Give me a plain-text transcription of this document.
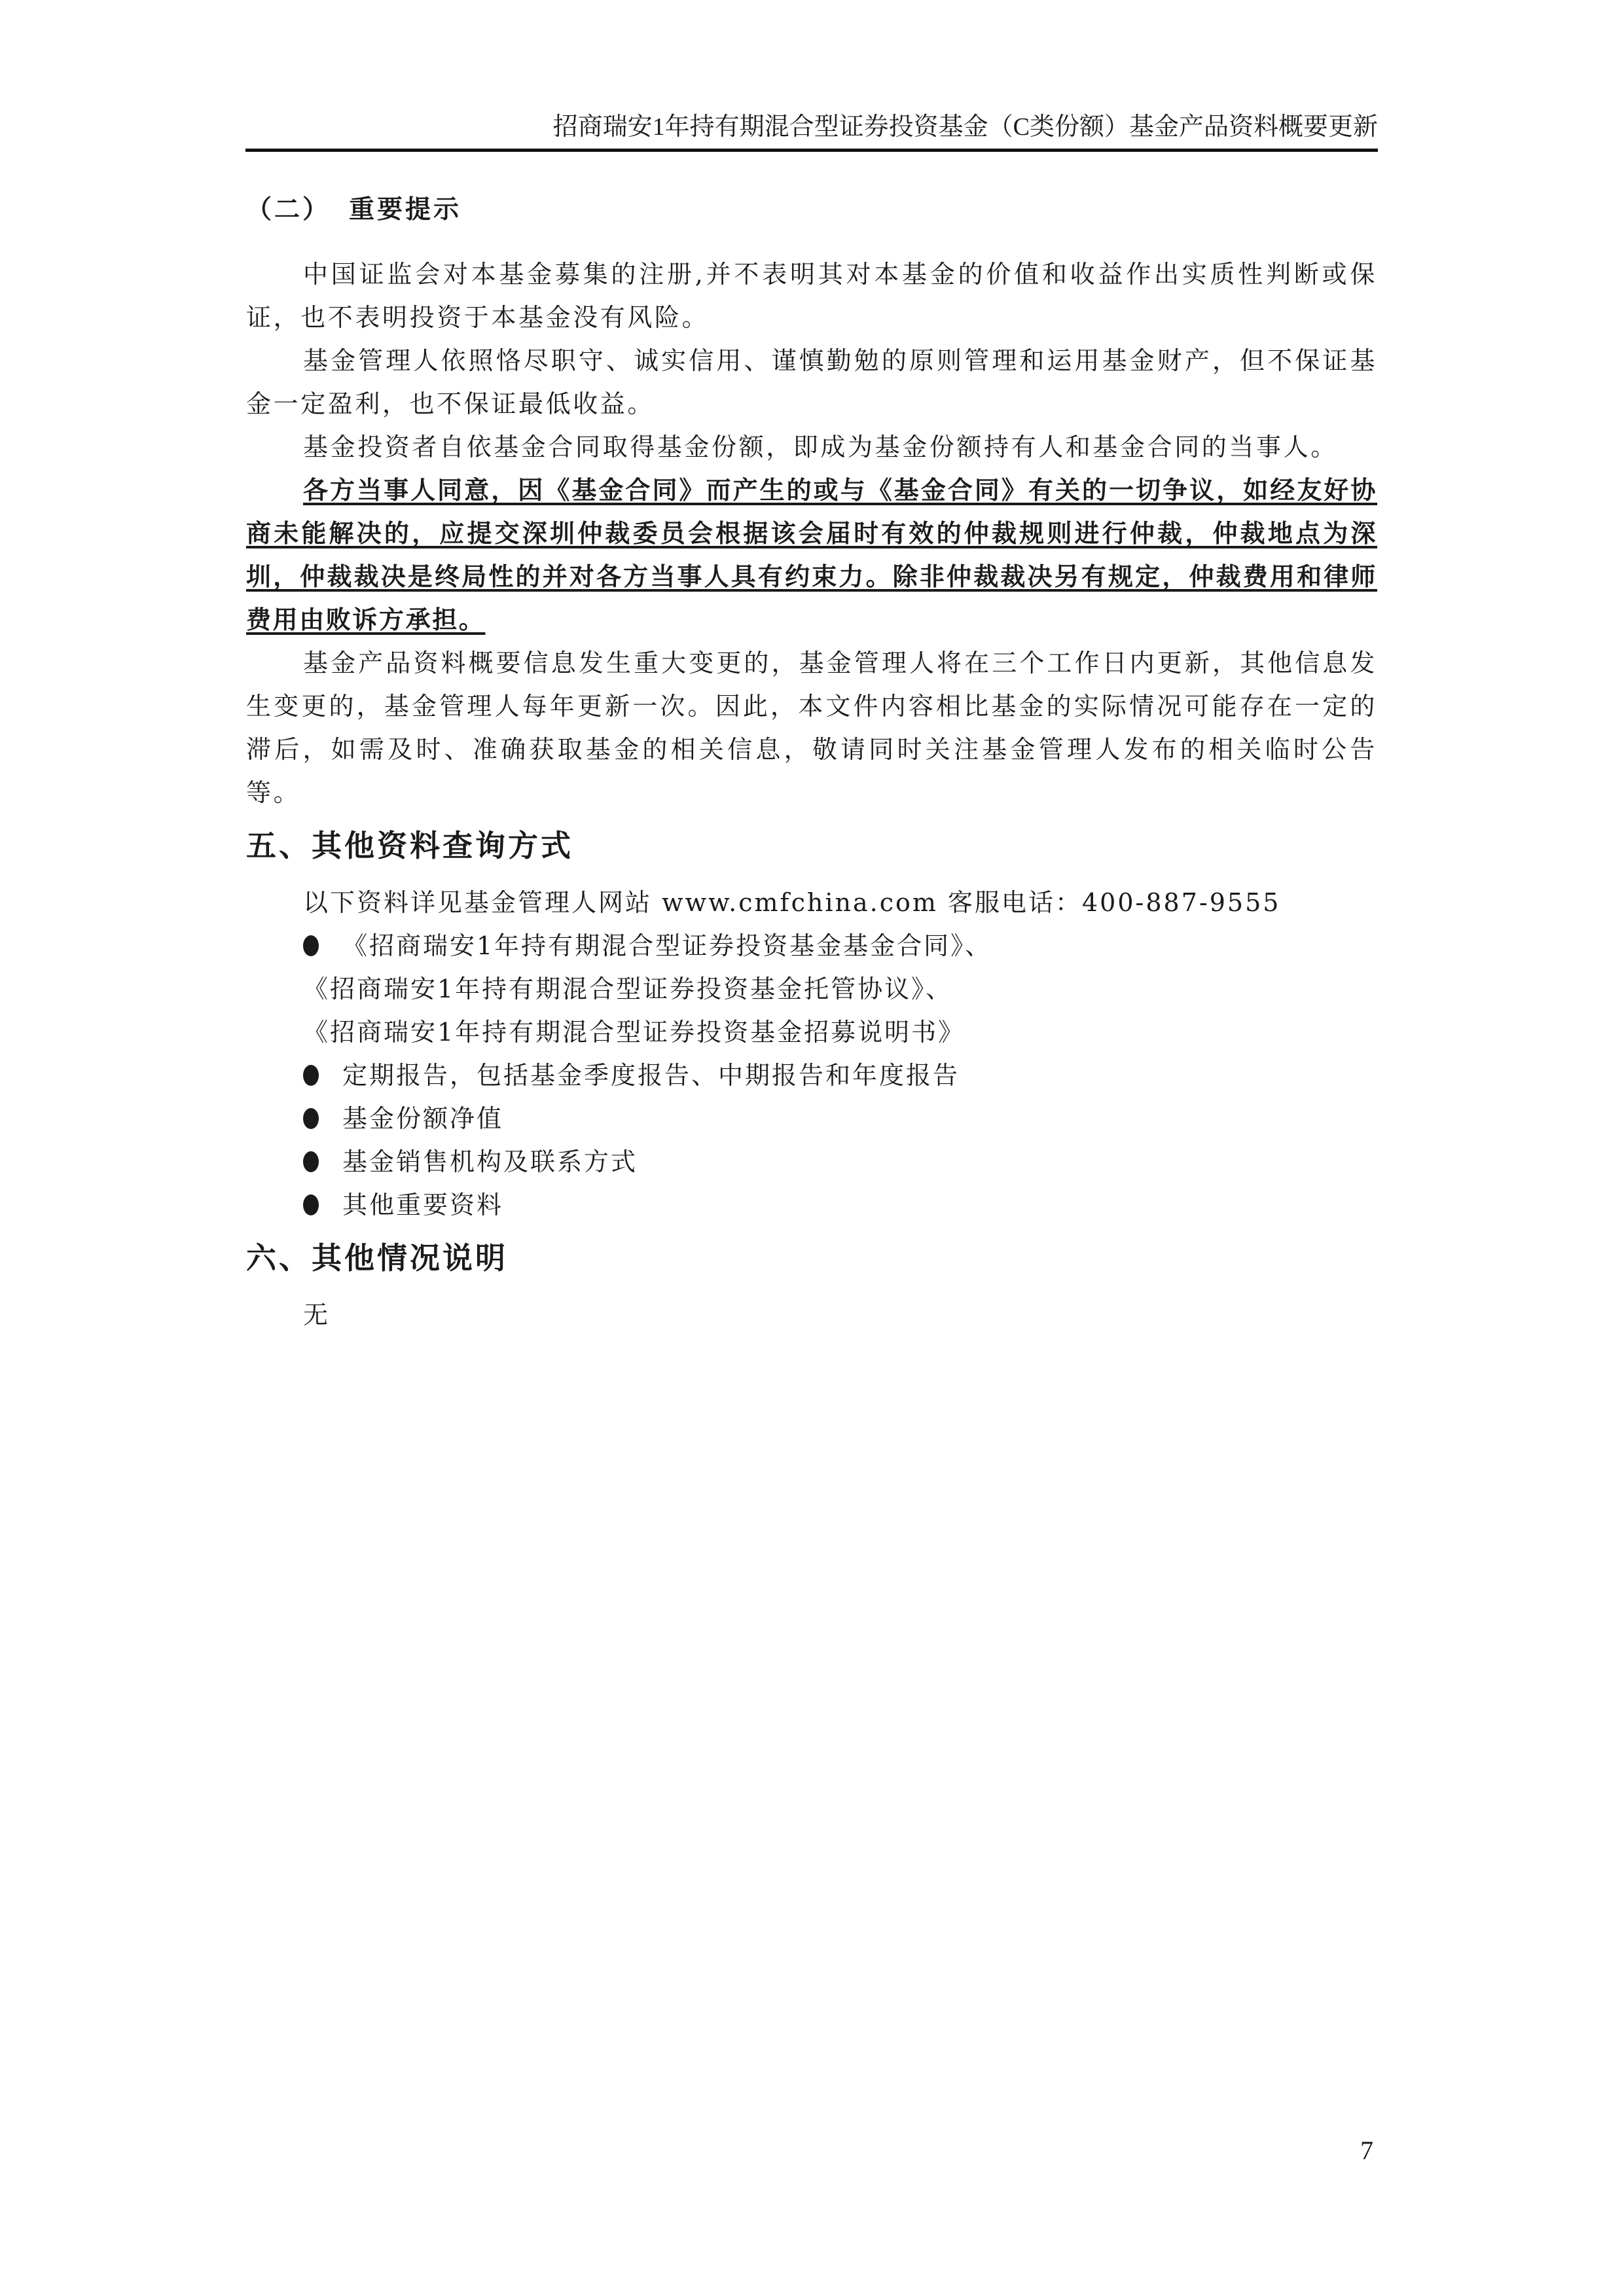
招商瑞安1年持有期混合型证券投资基金（C类份额）基金产品资料概要更新
（二） 重要提示

中国证监会对本基金募集的注册,并不表明其对本基金的价值和收益作出实质性判断或保证，也不表明投资于本基金没有风险。

基金管理人依照恪尽职守、诚实信用、谨慎勤勉的原则管理和运用基金财产，但不保证基金一定盈利，也不保证最低收益。

基金投资者自依基金合同取得基金份额，即成为基金份额持有人和基金合同的当事人。

各方当事人同意，因《基金合同》而产生的或与《基金合同》有关的一切争议，如经友好协商未能解决的，应提交深圳仲裁委员会根据该会届时有效的仲裁规则进行仲裁，仲裁地点为深圳，仲裁裁决是终局性的并对各方当事人具有约束力。除非仲裁裁决另有规定，仲裁费用和律师费用由败诉方承担。

基金产品资料概要信息发生重大变更的，基金管理人将在三个工作日内更新，其他信息发生变更的，基金管理人每年更新一次。因此，本文件内容相比基金的实际情况可能存在一定的滞后，如需及时、准确获取基金的相关信息，敬请同时关注基金管理人发布的相关临时公告等。

五、其他资料查询方式
以下资料详见基金管理人网站 www.cmfchina.com 客服电话：400-887-9555
《招商瑞安1年持有期混合型证券投资基金基金合同》、
《招商瑞安1年持有期混合型证券投资基金托管协议》、
《招商瑞安1年持有期混合型证券投资基金招募说明书》
定期报告，包括基金季度报告、中期报告和年度报告
基金份额净值
基金销售机构及联系方式
其他重要资料
六、其他情况说明
无
7
